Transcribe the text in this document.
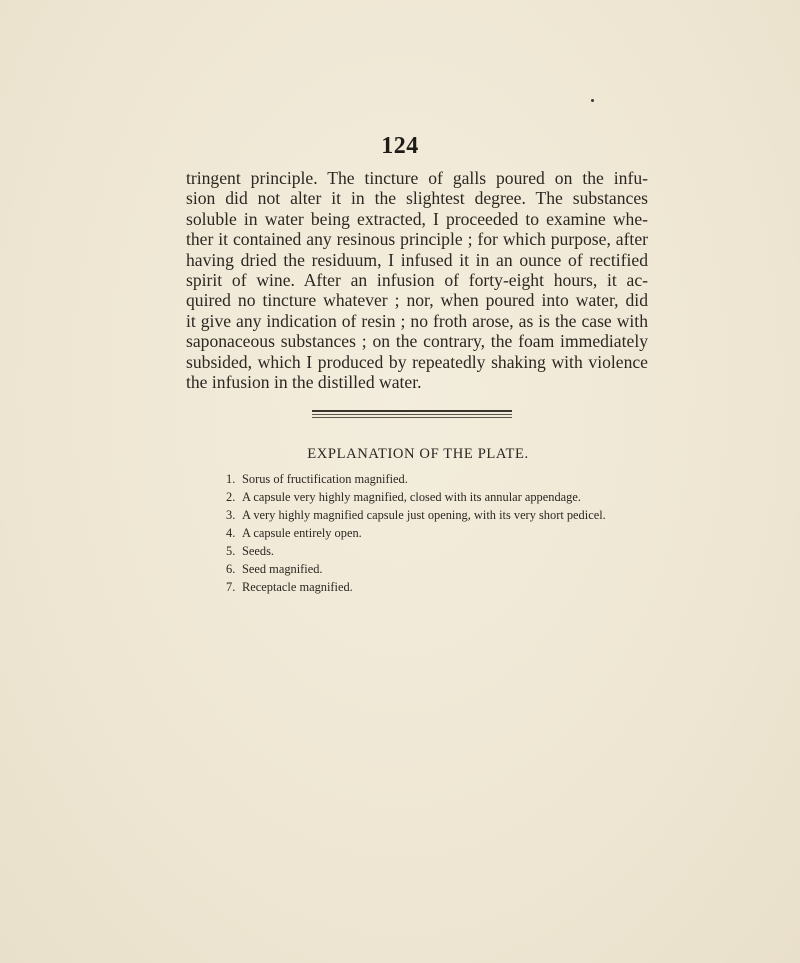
124

tringent principle. The tincture of galls poured on the infu-
sion did not alter it in the slightest degree. The substances
soluble in water being extracted, I proceeded to examine whe-
ther it contained any resinous principle ; for which purpose, after
having dried the residuum, I infused it in an ounce of rectified
spirit of wine. After an infusion of forty-eight hours, it ac-
quired no tincture whatever ; nor, when poured into water, did
it give any indication of resin ; no froth arose, as is the case with
saponaceous substances ; on the contrary, the foam immediately
subsided, which I produced by repeatedly shaking with violence
the infusion in the distilled water.

EXPLANATION OF THE PLATE.
1. Sorus of fructification magnified.
2. A capsule very highly magnified, closed with its annular appendage.
3. A very highly magnified capsule just opening, with its very short pedicel.
4. A capsule entirely open.
5. Seeds.
6. Seed magnified.
7. Receptacle magnified.
